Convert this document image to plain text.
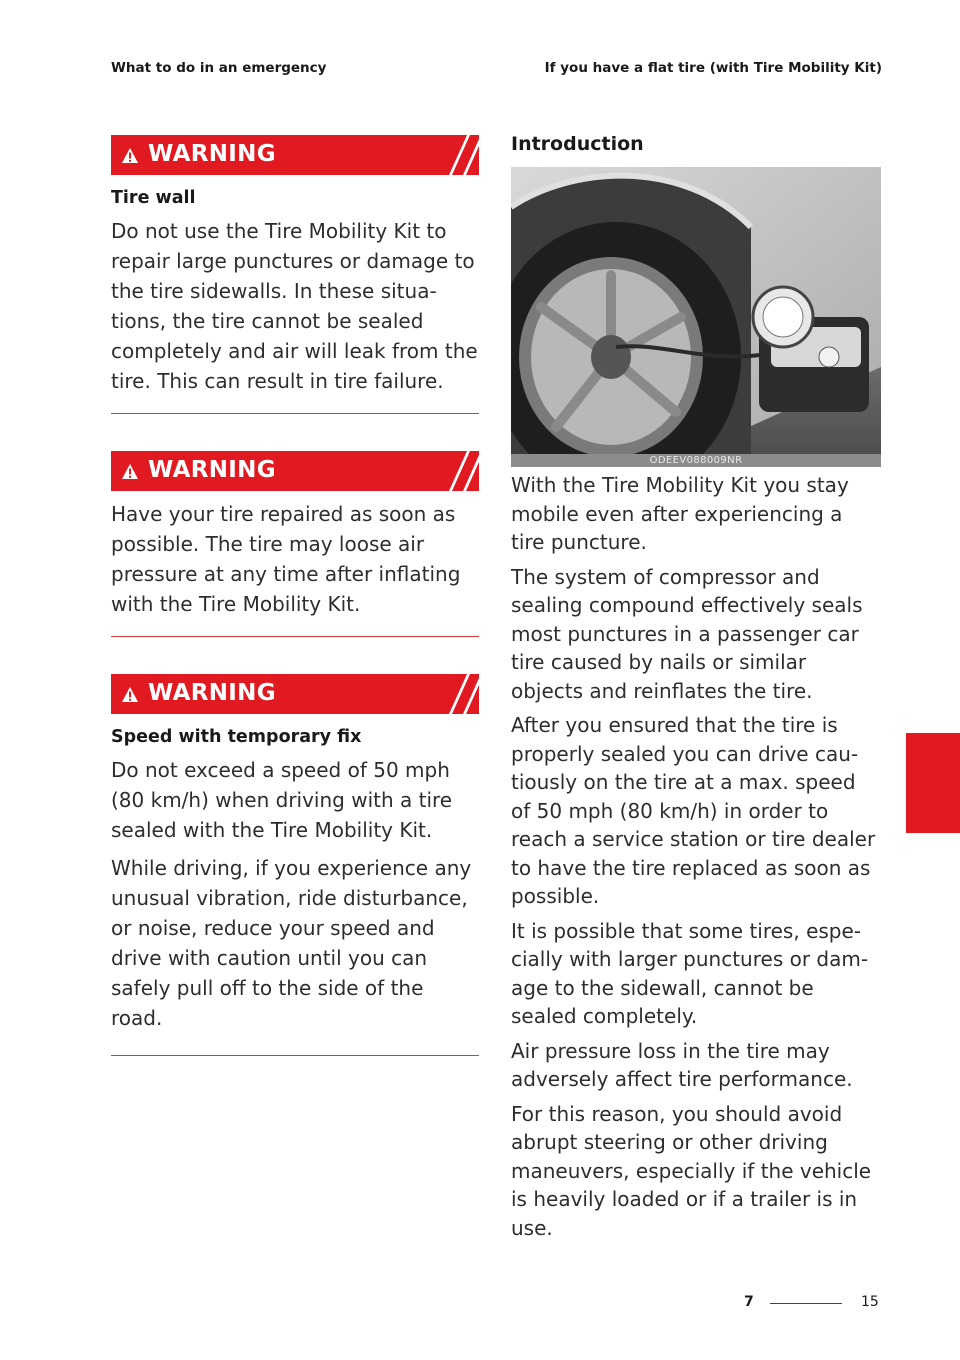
What to do in an emergency	If you have a flat tire (with Tire Mobility Kit)
WARNING
Tire wall

Do not use the Tire Mobility Kit to repair large punctures or damage to the tire sidewalls. In these situa-tions, the tire cannot be sealed completely and air will leak from the tire. This can result in tire failure.

WARNING

Have your tire repaired as soon as possible. The tire may loose air pressure at any time after inflating with the Tire Mobility Kit.

WARNING
Speed with temporary fix

Do not exceed a speed of 50 mph (80 km/h) when driving with a tire sealed with the Tire Mobility Kit.

While driving, if you experience any unusual vibration, ride disturbance, or noise, reduce your speed and drive with caution until you can safely pull off to the side of the road.

Introduction
ODEEV088009NR

With the Tire Mobility Kit you stay mobile even after experiencing a tire puncture.

The system of compressor and sealing compound effectively seals most punctures in a passenger car tire caused by nails or similar objects and reinflates the tire.

After you ensured that the tire is properly sealed you can drive cau-tiously on the tire at a max. speed of 50 mph (80 km/h) in order to reach a service station or tire dealer to have the tire replaced as soon as possible.

It is possible that some tires, espe-cially with larger punctures or dam-age to the sidewall, cannot be sealed completely.

Air pressure loss in the tire may adversely affect tire performance.

For this reason, you should avoid abrupt steering or other driving maneuvers, especially if the vehicle is heavily loaded or if a trailer is in use.

7
7	15
